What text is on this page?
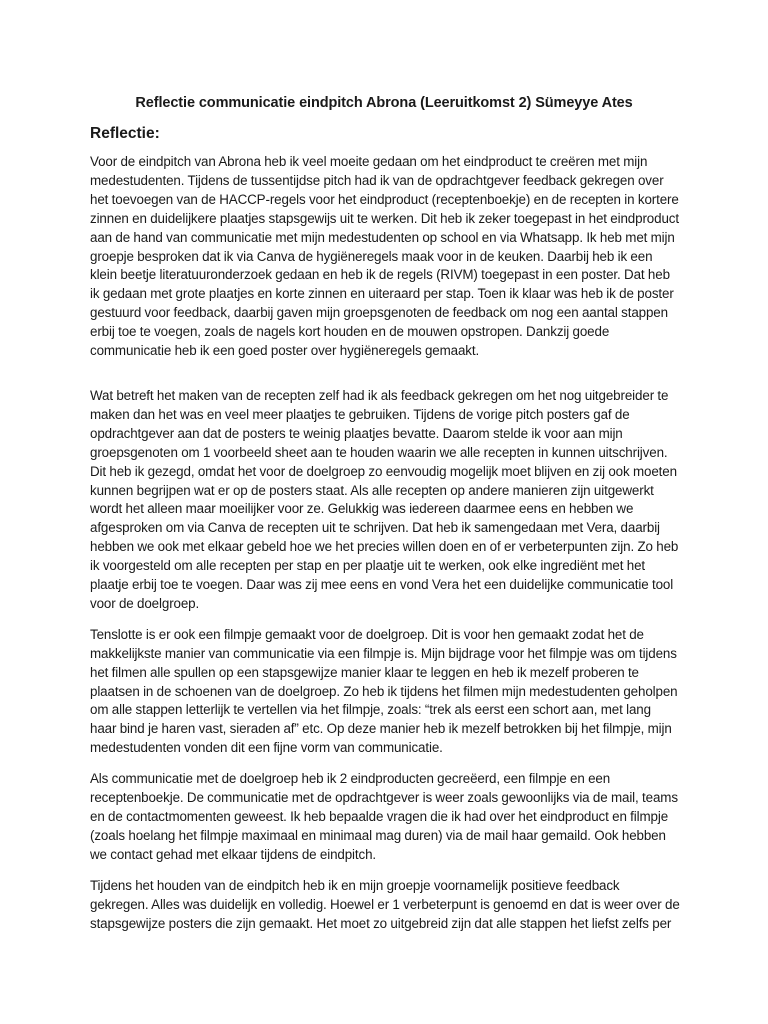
Reflectie communicatie eindpitch Abrona (Leeruitkomst 2) Sümeyye Ates
Reflectie:

Voor de eindpitch van Abrona heb ik veel moeite gedaan om het eindproduct te creëren met mijn medestudenten. Tijdens de tussentijdse pitch had ik van de opdrachtgever feedback gekregen over het toevoegen van de HACCP-regels voor het eindproduct (receptenboekje) en de recepten in kortere zinnen en duidelijkere plaatjes stapsgewijs uit te werken. Dit heb ik zeker toegepast in het eindproduct aan de hand van communicatie met mijn medestudenten op school en via Whatsapp. Ik heb met mijn groepje besproken dat ik via Canva de hygiëneregels maak voor in de keuken. Daarbij heb ik een klein beetje literatuuronderzoek gedaan en heb ik de regels (RIVM) toegepast in een poster. Dat heb ik gedaan met grote plaatjes en korte zinnen en uiteraard per stap. Toen ik klaar was heb ik de poster gestuurd voor feedback, daarbij gaven mijn groepsgenoten de feedback om nog een aantal stappen erbij toe te voegen, zoals de nagels kort houden en de mouwen opstropen. Dankzij goede communicatie heb ik een goed poster over hygiëneregels gemaakt.

Wat betreft het maken van de recepten zelf had ik als feedback gekregen om het nog uitgebreider te maken dan het was en veel meer plaatjes te gebruiken. Tijdens de vorige pitch posters gaf de opdrachtgever aan dat de posters te weinig plaatjes bevatte. Daarom stelde ik voor aan mijn groepsgenoten om 1 voorbeeld sheet aan te houden waarin we alle recepten in kunnen uitschrijven. Dit heb ik gezegd, omdat het voor de doelgroep zo eenvoudig mogelijk moet blijven en zij ook moeten kunnen begrijpen wat er op de posters staat. Als alle recepten op andere manieren zijn uitgewerkt wordt het alleen maar moeilijker voor ze. Gelukkig was iedereen daarmee eens en hebben we afgesproken om via Canva de recepten uit te schrijven. Dat heb ik samengedaan met Vera, daarbij hebben we ook met elkaar gebeld hoe we het precies willen doen en of er verbeterpunten zijn. Zo heb ik voorgesteld om alle recepten per stap en per plaatje uit te werken, ook elke ingrediënt met het plaatje erbij toe te voegen. Daar was zij mee eens en vond Vera het een duidelijke communicatie tool voor de doelgroep.

Tenslotte is er ook een filmpje gemaakt voor de doelgroep. Dit is voor hen gemaakt zodat het de makkelijkste manier van communicatie via een filmpje is. Mijn bijdrage voor het filmpje was om tijdens het filmen alle spullen op een stapsgewijze manier klaar te leggen en heb ik mezelf proberen te plaatsen in de schoenen van de doelgroep. Zo heb ik tijdens het filmen mijn medestudenten geholpen om alle stappen letterlijk te vertellen via het filmpje, zoals: “trek als eerst een schort aan, met lang haar bind je haren vast, sieraden af” etc. Op deze manier heb ik mezelf betrokken bij het filmpje, mijn medestudenten vonden dit een fijne vorm van communicatie.

Als communicatie met de doelgroep heb ik 2 eindproducten gecreëerd, een filmpje en een receptenboekje. De communicatie met de opdrachtgever is weer zoals gewoonlijks via de mail, teams en de contactmomenten geweest. Ik heb bepaalde vragen die ik had over het eindproduct en filmpje (zoals hoelang het filmpje maximaal en minimaal mag duren) via de mail haar gemaild. Ook hebben we contact gehad met elkaar tijdens de eindpitch.

Tijdens het houden van de eindpitch heb ik en mijn groepje voornamelijk positieve feedback gekregen. Alles was duidelijk en volledig. Hoewel er 1 verbeterpunt is genoemd en dat is weer over de stapsgewijze posters die zijn gemaakt. Het moet zo uitgebreid zijn dat alle stappen het liefst zelfs per
